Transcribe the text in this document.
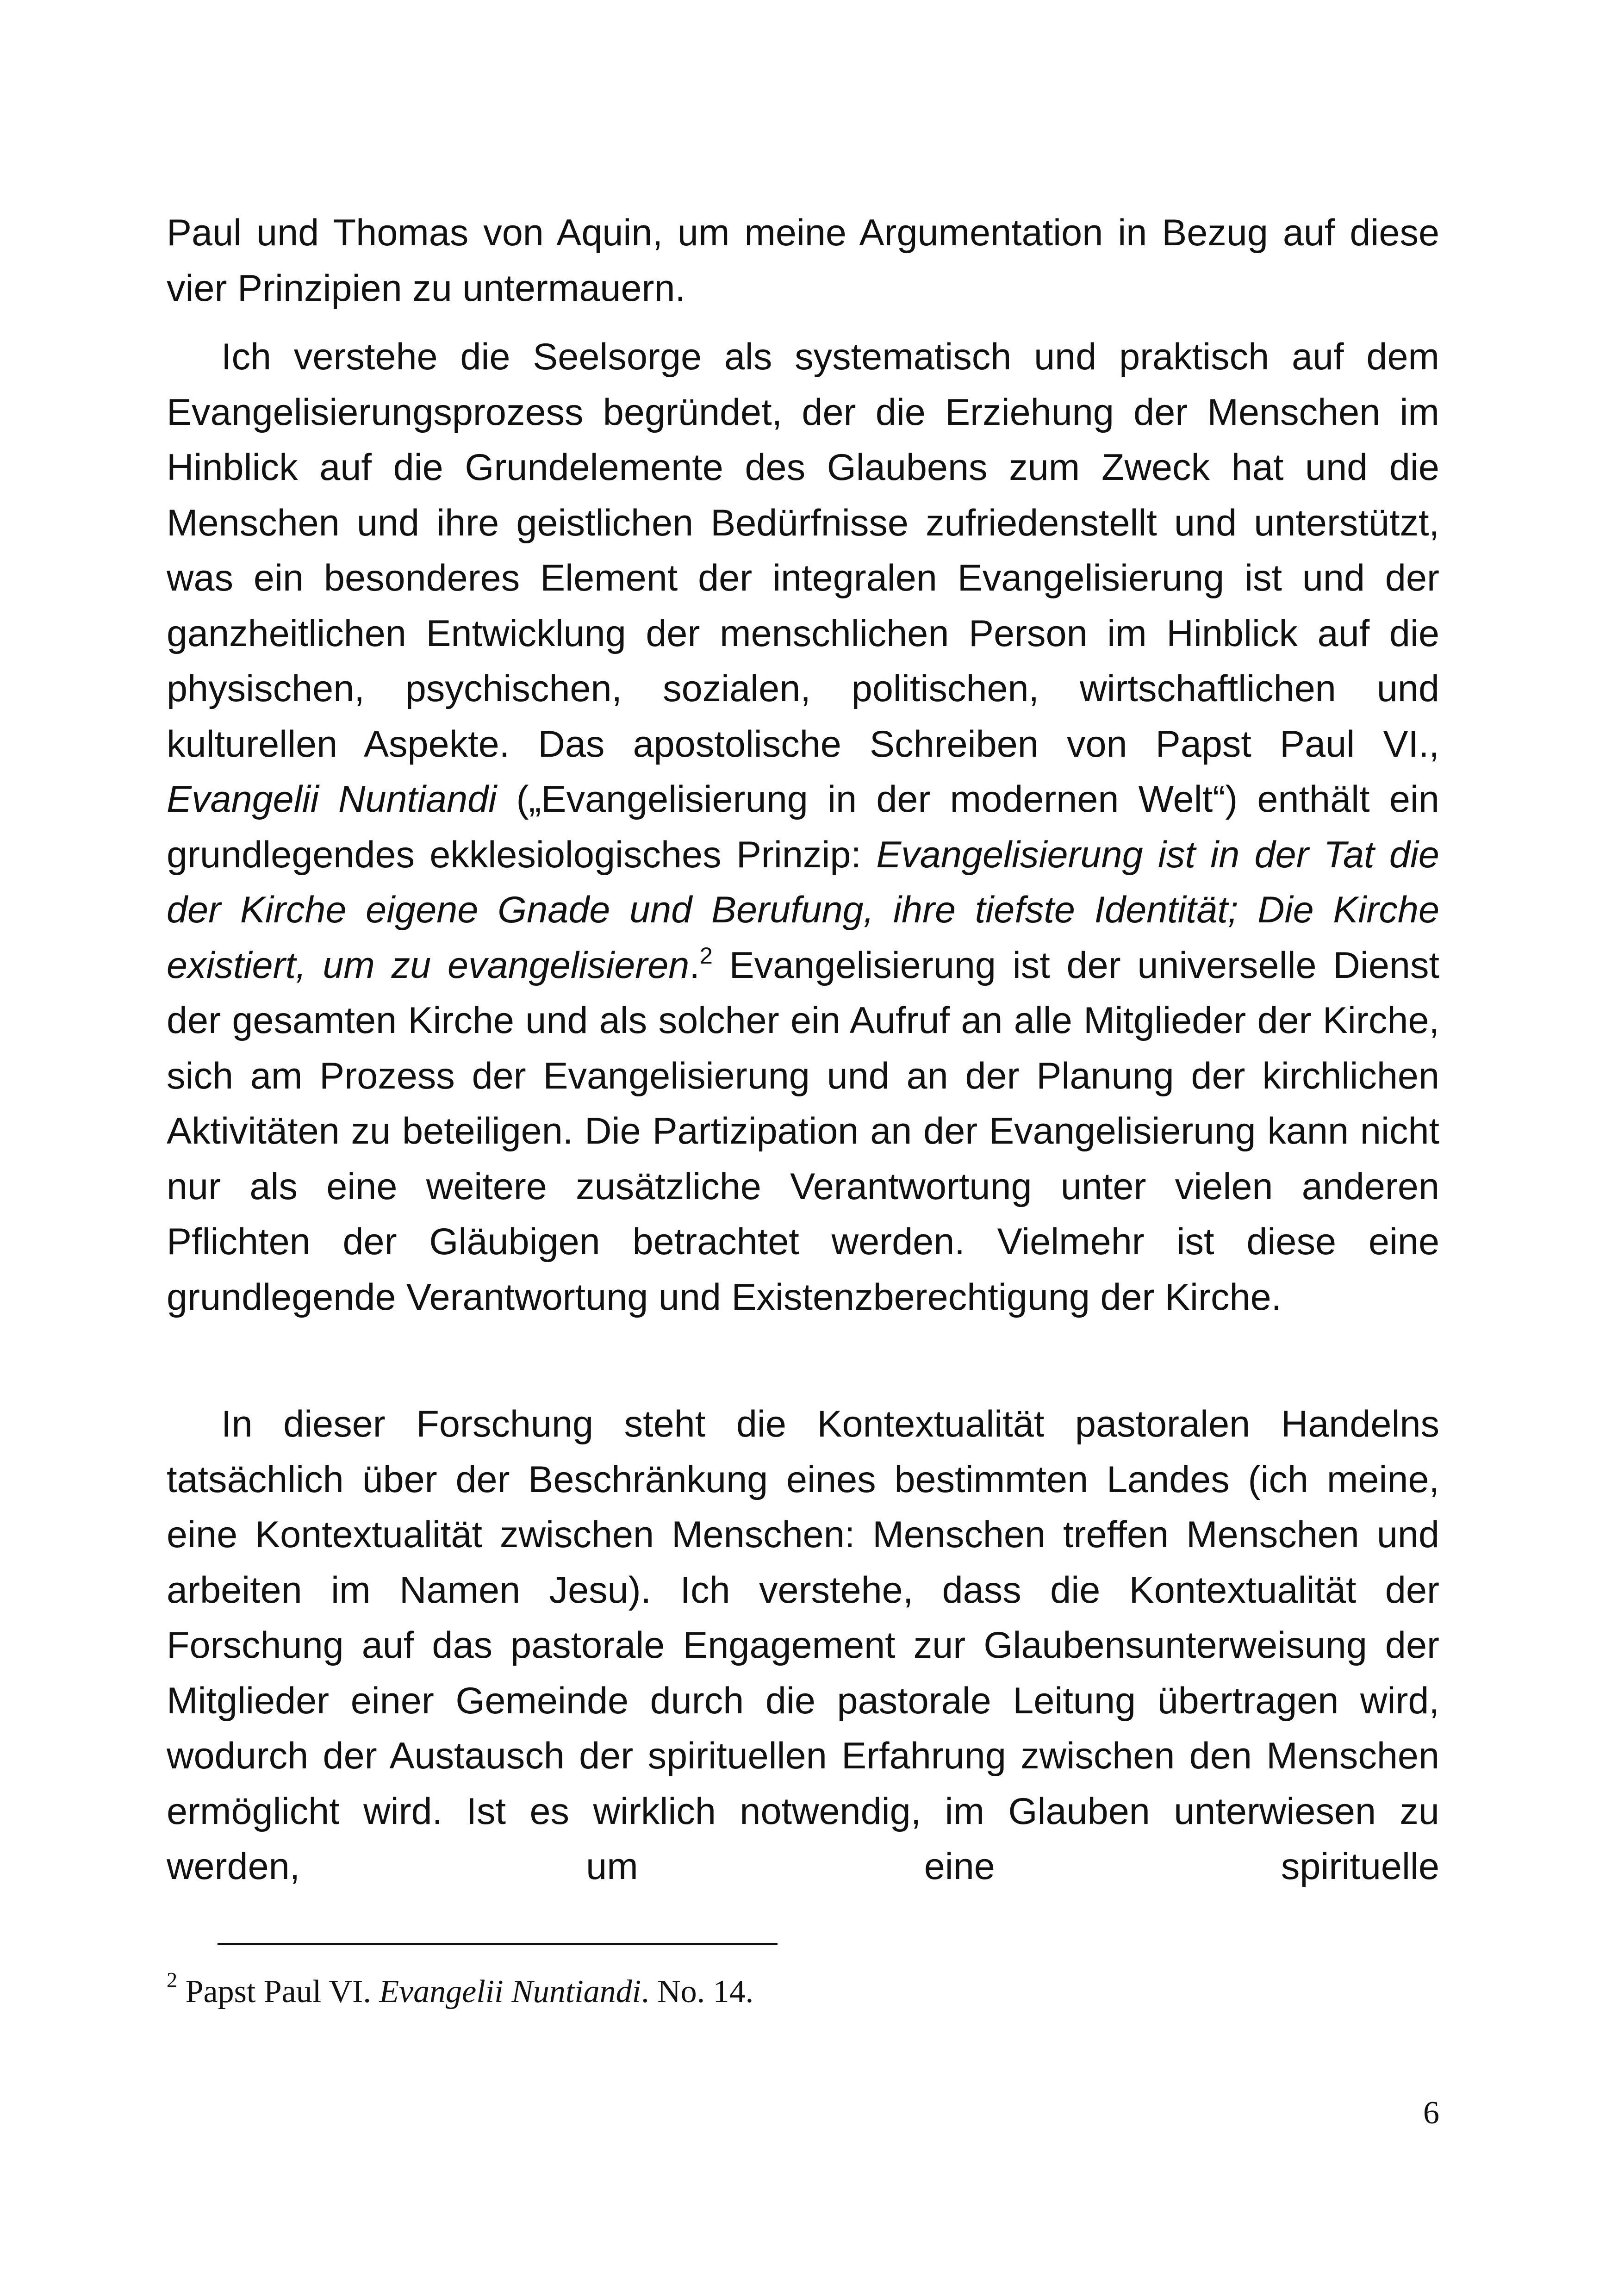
Paul und Thomas von Aquin, um meine Argumentation in Bezug auf diese vier Prinzipien zu untermauern.

Ich verstehe die Seelsorge als systematisch und praktisch auf dem Evangelisierungsprozess begründet, der die Erziehung der Menschen im Hinblick auf die Grundelemente des Glaubens zum Zweck hat und die Menschen und ihre geistlichen Bedürfnisse zufriedenstellt und unterstützt, was ein besonderes Element der integralen Evangelisierung ist und der ganzheitlichen Entwicklung der menschlichen Person im Hinblick auf die physischen, psychischen, sozialen, politischen, wirtschaftlichen und kulturellen Aspekte. Das apostolische Schreiben von Papst Paul VI., Evangelii Nuntiandi („Evangelisierung in der modernen Welt“) enthält ein grundlegendes ekklesiologisches Prinzip: Evangelisierung ist in der Tat die der Kirche eigene Gnade und Berufung, ihre tiefste Identität; Die Kirche existiert, um zu evangelisieren.$^2$ Evangelisierung ist der universelle Dienst der gesamten Kirche und als solcher ein Aufruf an alle Mitglieder der Kirche, sich am Prozess der Evangelisierung und an der Planung der kirchlichen Aktivitäten zu beteiligen. Die Partizipation an der Evangelisierung kann nicht nur als eine weitere zusätzliche Verantwortung unter vielen anderen Pflichten der Gläubigen betrachtet werden. Vielmehr ist diese eine grundlegende Verantwortung und Existenzberechtigung der Kirche.

In dieser Forschung steht die Kontextualität pastoralen Handelns tatsächlich über der Beschränkung eines bestimmten Landes (ich meine, eine Kontextualität zwischen Menschen: Menschen treffen Menschen und arbeiten im Namen Jesu). Ich verstehe, dass die Kontextualität der Forschung auf das pastorale Engagement zur Glaubensunterweisung der Mitglieder einer Gemeinde durch die pastorale Leitung übertragen wird, wodurch der Austausch der spirituellen Erfahrung zwischen den Menschen ermöglicht wird. Ist es wirklich notwendig, im Glauben unterwiesen zu werden, um eine spirituelle

$^2$ Papst Paul VI. Evangelii Nuntiandi. No. 14.
6
